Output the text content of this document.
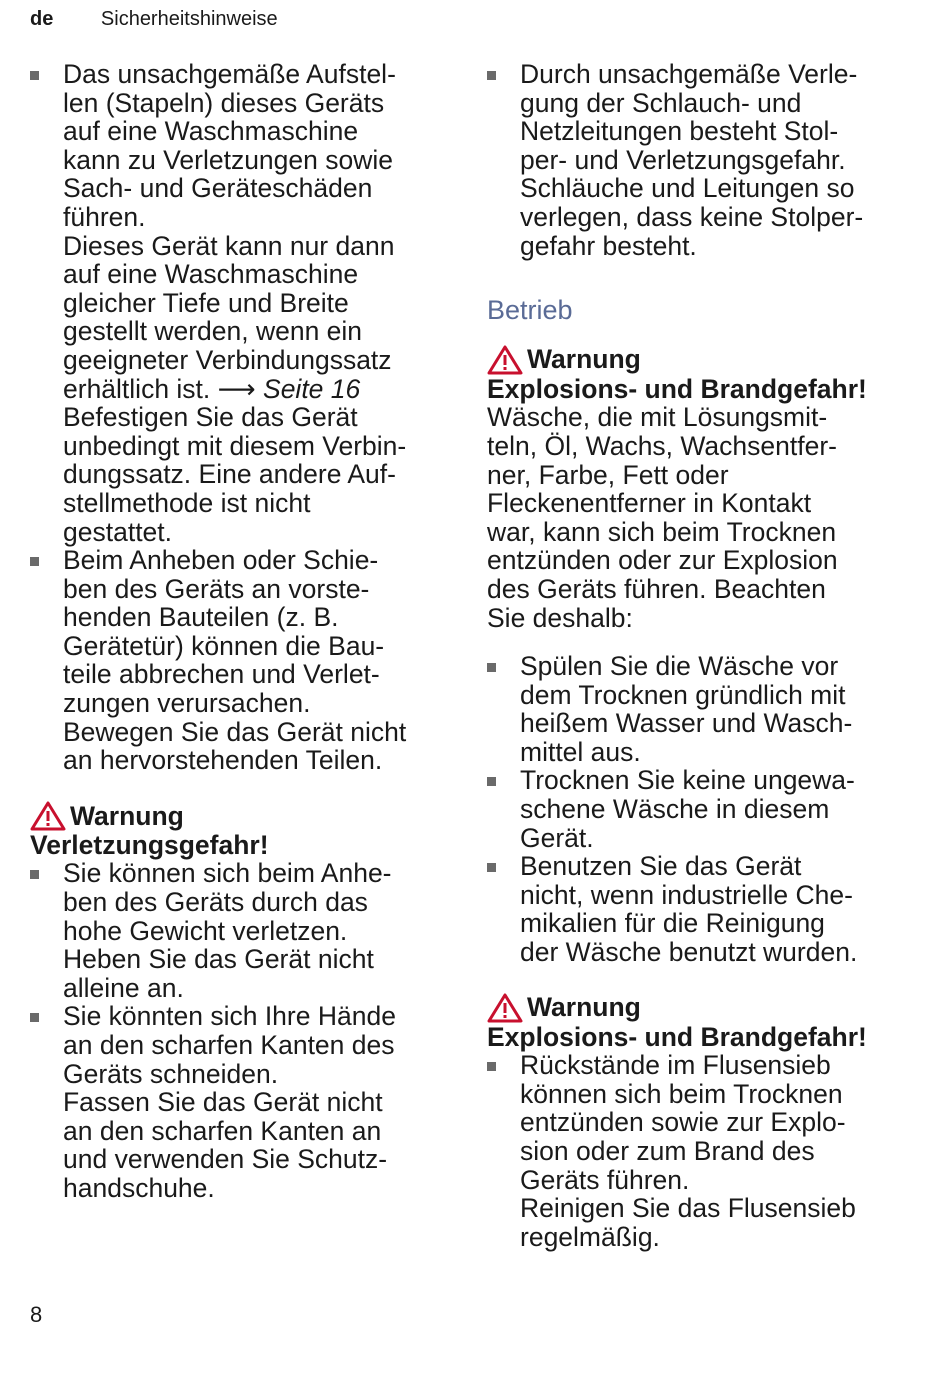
de Sicherheitshinweise

Das unsachgemäße Aufstel-

len (Stapeln) dieses Geräts

auf eine Waschmaschine

kann zu Verletzungen sowie

Sach- und Geräteschäden

führen.

Dieses Gerät kann nur dann

auf eine Waschmaschine

gleicher Tiefe und Breite

gestellt werden, wenn ein

geeigneter Verbindungssatz

erhältlich ist. ⟶ Seite 16

Befestigen Sie das Gerät

unbedingt mit diesem Verbin-

dungssatz. Eine andere Auf-

stellmethode ist nicht

gestattet.

Beim Anheben oder Schie-

ben des Geräts an vorste-

henden Bauteilen (z. B.

Gerätetür) können die Bau-

teile abbrechen und Verlet-

zungen verursachen.

Bewegen Sie das Gerät nicht

an hervorstehenden Teilen.

Warnung
Verletzungsgefahr!

Sie können sich beim Anhe-

ben des Geräts durch das

hohe Gewicht verletzen.

Heben Sie das Gerät nicht

alleine an.

Sie könnten sich Ihre Hände

an den scharfen Kanten des

Geräts schneiden.

Fassen Sie das Gerät nicht

an den scharfen Kanten an

und verwenden Sie Schutz-

handschuhe.

Durch unsachgemäße Verle-

gung der Schlauch- und

Netzleitungen besteht Stol-

per- und Verletzungsgefahr.

Schläuche und Leitungen so

verlegen, dass keine Stolper-

gefahr besteht.

Betrieb
Warnung
Explosions- und Brandgefahr!

Wäsche, die mit Lösungsmit-

teln, Öl, Wachs, Wachsentfer-

ner, Farbe, Fett oder

Fleckenentferner in Kontakt

war, kann sich beim Trocknen

entzünden oder zur Explosion

des Geräts führen. Beachten

Sie deshalb:

Spülen Sie die Wäsche vor

dem Trocknen gründlich mit

heißem Wasser und Wasch-

mittel aus.

Trocknen Sie keine ungewa-

schene Wäsche in diesem

Gerät.

Benutzen Sie das Gerät

nicht, wenn industrielle Che-

mikalien für die Reinigung

der Wäsche benutzt wurden.

Warnung
Explosions- und Brandgefahr!

Rückstände im Flusensieb

können sich beim Trocknen

entzünden sowie zur Explo-

sion oder zum Brand des

Geräts führen.

Reinigen Sie das Flusensieb

regelmäßig.

8
